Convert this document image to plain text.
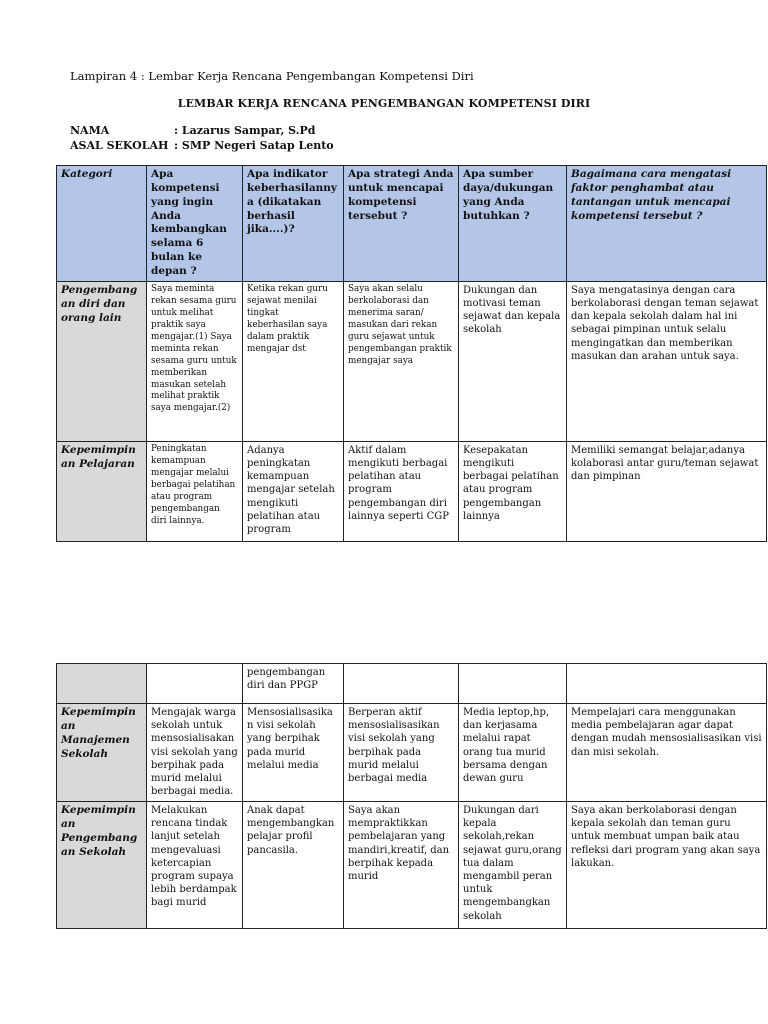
Lampiran 4 : Lembar Kerja Rencana Pengembangan Kompetensi Diri
LEMBAR KERJA RENCANA PENGEMBANGAN KOMPETENSI DIRI
NAMA	: Lazarus Sampar, S.Pd
ASAL SEKOLAH : SMP Negeri Satap Lento
Kategori	Apa kompetensi yang ingin Anda kembangkan selama 6 bulan ke depan ?	Apa indikator keberhasilannya (dikatakan berhasil jika....)?	Apa strategi Anda untuk mencapai kompetensi tersebut ?	Apa sumber daya/dukungan yang Anda butuhkan ?	Bagaimana cara mengatasi faktor penghambat atau tantangan untuk mencapai kompetensi tersebut ?
Pengembangan diri dan orang lain	Saya meminta rekan sesama guru untuk melihat praktik saya mengajar.(1) Saya meminta rekan sesama guru untuk memberikan masukan setelah melihat praktik saya mengajar.(2)	Ketika rekan guru sejawat menilai tingkat keberhasilan saya dalam praktik mengajar dst	Saya akan selalu berkolaborasi dan menerima saran/ masukan dari rekan guru sejawat untuk pengembangan praktik mengajar saya	Dukungan dan motivasi teman sejawat dan kepala sekolah	Saya mengatasinya dengan cara berkolaborasi dengan teman sejawat dan kepala sekolah dalam hal ini sebagai pimpinan untuk selalu mengingatkan dan memberikan masukan dan arahan untuk saya.
Kepemimpinan Pelajaran	Peningkatan kemampuan mengajar melalui berbagai pelatihan atau program pengembangan diri lainnya.	Adanya peningkatan kemampuan mengajar setelah mengikuti pelatihan atau program	Aktif dalam mengikuti berbagai pelatihan atau program pengembangan diri lainnya seperti CGP	Kesepakatan mengikuti berbagai pelatihan atau program pengembangan lainnya	Memiliki semangat belajar,adanya kolaborasi antar guru/teman sejawat dan pimpinan
		pengembangan diri dan PPGP			
Kepemimpinan Manajemen Sekolah	Mengajak warga sekolah untuk mensosialisakan visi sekolah yang berpihak pada murid melalui berbagai media.	Mensosialisasikan visi sekolah yang berpihak pada murid melalui media	Berperan aktif mensosialisasikan visi sekolah yang berpihak pada murid melalui berbagai media	Media leptop,hp, dan kerjasama melalui rapat orang tua murid bersama dengan dewan guru	Mempelajari cara menggunakan media pembelajaran agar dapat dengan mudah mensosialisasikan visi dan misi sekolah.
Kepemimpinan Pengembangan Sekolah	Melakukan rencana tindak lanjut setelah mengevaluasi ketercapian program supaya lebih berdampak bagi murid	Anak dapat mengembangkan pelajar profil pancasila.	Saya akan mempraktikkan pembelajaran yang mandiri,kreatif, dan berpihak kepada murid	Dukungan dari kepala sekolah,rekan sejawat guru,orang tua dalam mengambil peran untuk mengembangkan sekolah	Saya akan berkolaborasi dengan kepala sekolah dan teman guru untuk membuat umpan baik atau refleksi dari program yang akan saya lakukan.
